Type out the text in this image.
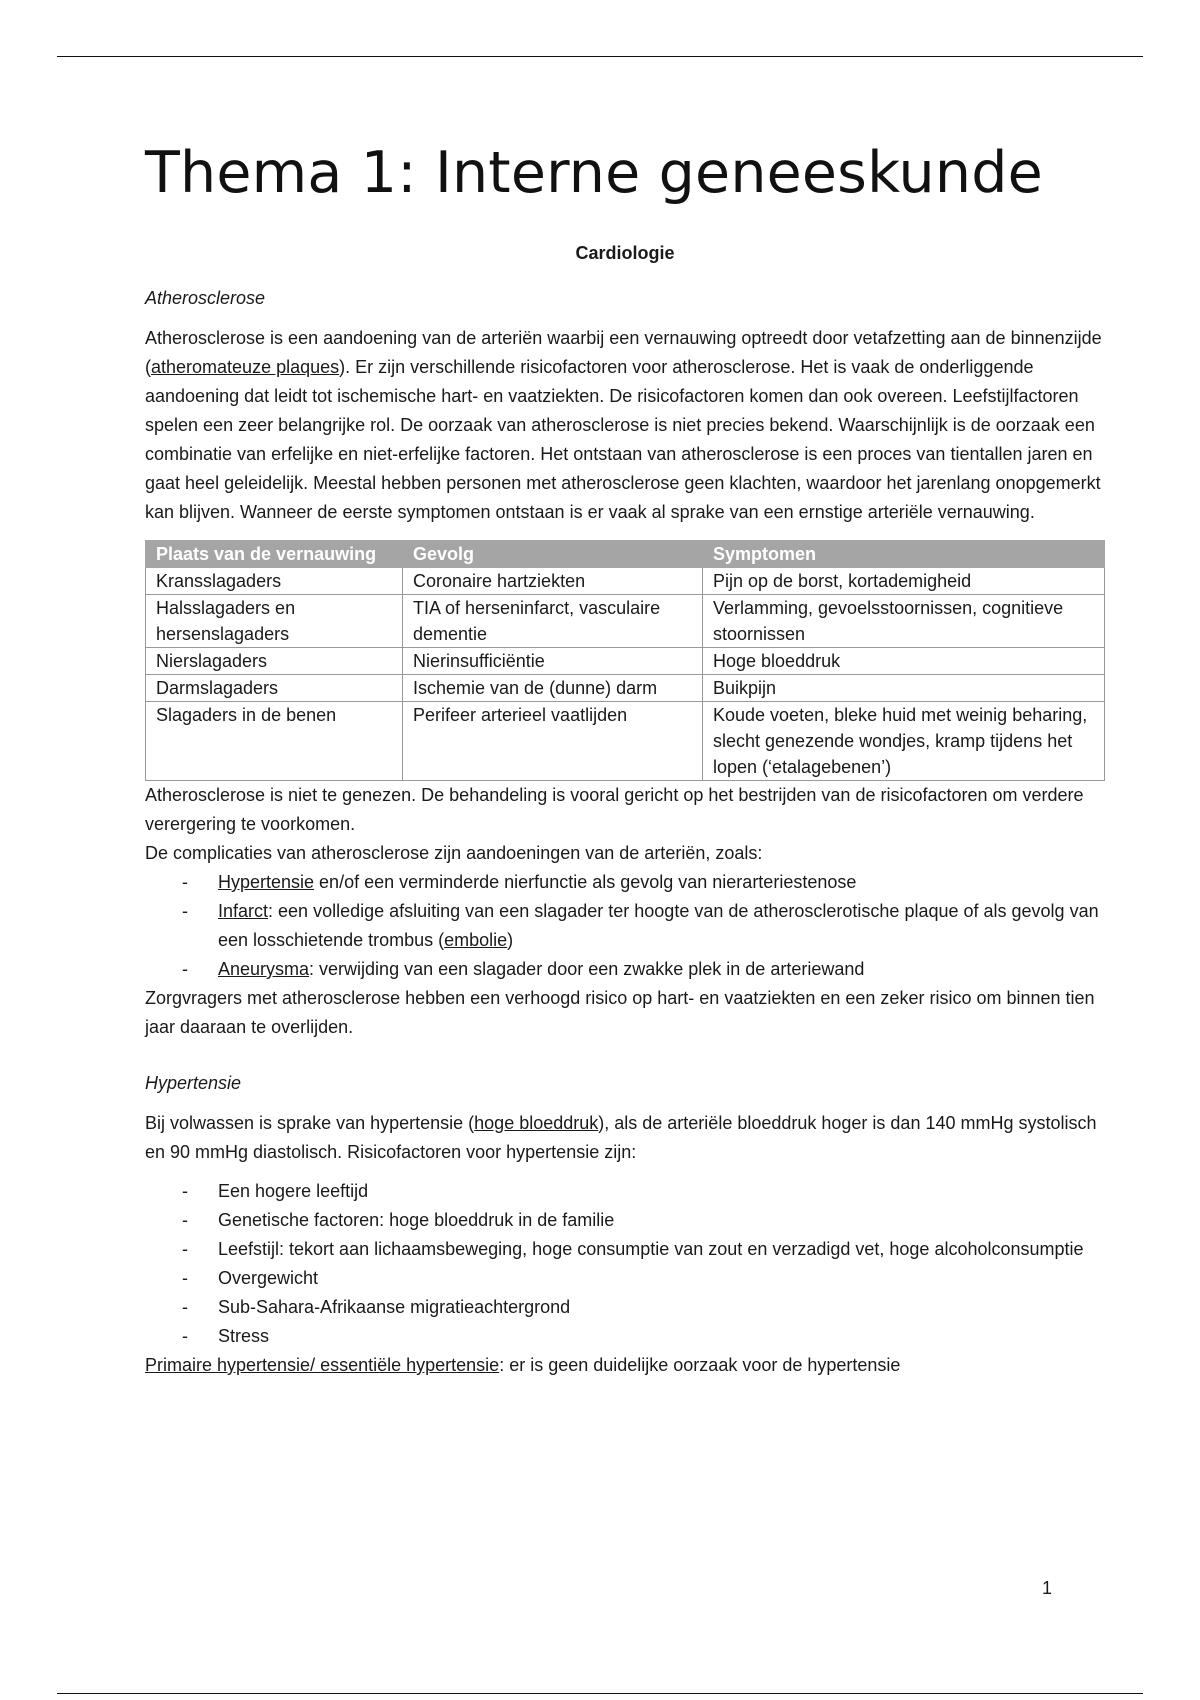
Thema 1: Interne geneeskunde
Cardiologie
Atherosclerose

Atherosclerose is een aandoening van de arteriën waarbij een vernauwing optreedt door vetafzetting aan de binnenzijde (atheromateuze plaques). Er zijn verschillende risicofactoren voor atherosclerose. Het is vaak de onderliggende aandoening dat leidt tot ischemische hart- en vaatziekten. De risicofactoren komen dan ook overeen. Leefstijlfactoren spelen een zeer belangrijke rol. De oorzaak van atherosclerose is niet precies bekend. Waarschijnlijk is de oorzaak een combinatie van erfelijke en niet-erfelijke factoren. Het ontstaan van atherosclerose is een proces van tientallen jaren en gaat heel geleidelijk. Meestal hebben personen met atherosclerose geen klachten, waardoor het jarenlang onopgemerkt kan blijven. Wanneer de eerste symptomen ontstaan is er vaak al sprake van een ernstige arteriële vernauwing.

Plaats van de vernauwing	Gevolg	Symptomen
Kransslagaders	Coronaire hartziekten	Pijn op de borst, kortademigheid
Halsslagaders en hersenslagaders	TIA of herseninfarct, vasculaire dementie	Verlamming, gevoelsstoornissen, cognitieve stoornissen
Nierslagaders	Nierinsufficiëntie	Hoge bloeddruk
Darmslagaders	Ischemie van de (dunne) darm	Buikpijn
Slagaders in de benen	Perifeer arterieel vaatlijden	Koude voeten, bleke huid met weinig beharing, slecht genezende wondjes, kramp tijdens het lopen (‘etalagebenen’)

Atherosclerose is niet te genezen. De behandeling is vooral gericht op het bestrijden van de risicofactoren om verdere verergering te voorkomen.

De complicaties van atherosclerose zijn aandoeningen van de arteriën, zoals:

- Hypertensie en/of een verminderde nierfunctie als gevolg van nierarteriestenose
- Infarct: een volledige afsluiting van een slagader ter hoogte van de atherosclerotische plaque of als gevolg van een losschietende trombus (embolie)
- Aneurysma: verwijding van een slagader door een zwakke plek in de arteriewand

Zorgvragers met atherosclerose hebben een verhoogd risico op hart- en vaatziekten en een zeker risico om binnen tien jaar daaraan te overlijden.

Hypertensie

Bij volwassen is sprake van hypertensie (hoge bloeddruk), als de arteriële bloeddruk hoger is dan 140 mmHg systolisch en 90 mmHg diastolisch. Risicofactoren voor hypertensie zijn:

- Een hogere leeftijd
- Genetische factoren: hoge bloeddruk in de familie
- Leefstijl: tekort aan lichaamsbeweging, hoge consumptie van zout en verzadigd vet, hoge alcoholconsumptie
- Overgewicht
- Sub-Sahara-Afrikaanse migratieachtergrond
- Stress

Primaire hypertensie/ essentiële hypertensie: er is geen duidelijke oorzaak voor de hypertensie

1
